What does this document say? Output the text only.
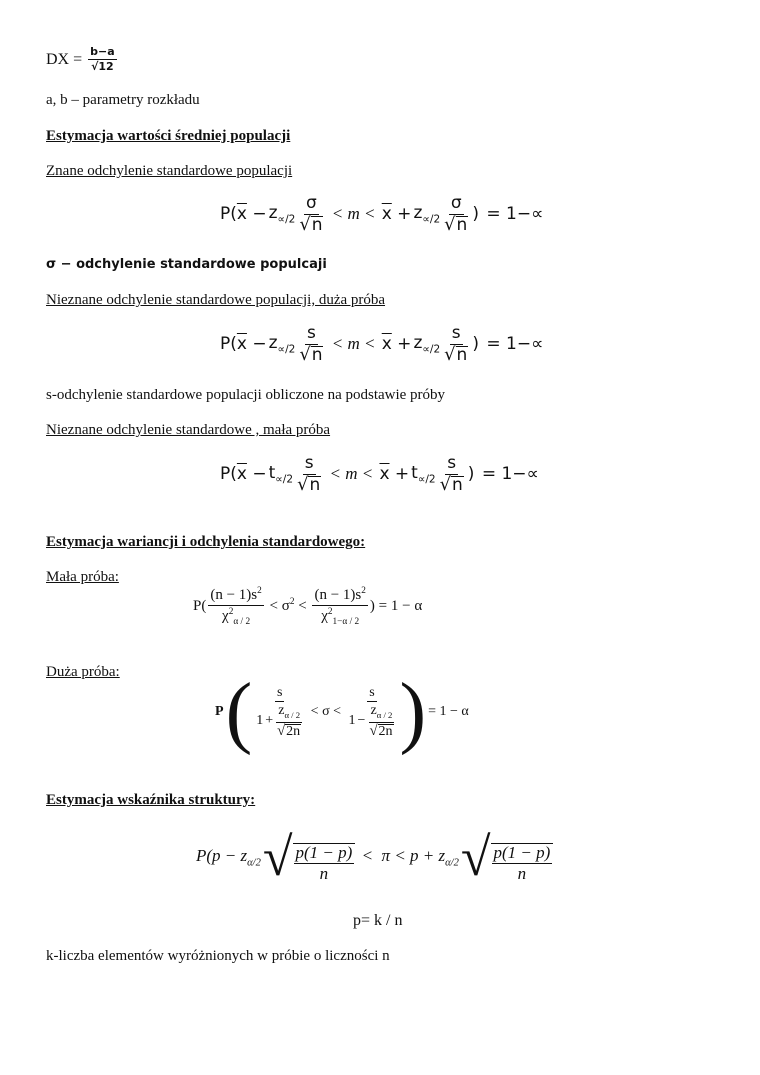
DX = $\frac{b-a}{√12}$
a, b – parametry rozkładu
Estymacja wartości średniej populacji
Znane odchylenie standardowe populacji
$P(\overline{x} - z_{\propto/2} \frac{\sigma}{√ n} < m < \overline{x} + z_{\propto/2} \frac{\sigma}{√ n}$ ) = 1−∝
σ − odchylenie standardowe populcaji
Nieznane odchylenie standardowe populacji, duża próba
$P(\overline{x} - z_{\propto/2} \frac{s}{√ n} < m < \overline{x} + z_{\propto/2} \frac{s}{√ n}$ ) = 1−∝
s-odchylenie standardowe populacji obliczone na podstawie próby
Nieznane odchylenie standardowe , mała próba
$P(\overline{x} - t_{\propto/2} \frac{s}{√ n} < m < \overline{x} + t_{\propto/2} \frac{s}{√ n}$ ) = 1−∝
Estymacja wariancji i odchylenia standardowego:
Mała próba:
$P( \frac{(n - 1)s^2}{\chi^2_{\alpha / 2}} < \sigma^2 < \frac{(n - 1)s^2}{\chi^2_{1-\alpha / 2}}$ ) = 1 − α
Duża próba:
P ( $\frac{s}{1 + \frac{z_{\alpha / 2}}{√ 2n}} < \sigma < \frac{s}{1 - \frac{z_{\alpha / 2}}{√ 2n}}$ ) = 1 − α
Estymacja wskaźnika struktury:
$P(p - z_{\alpha/2}$ √ $\frac{p(1 - p)}{n} < \pi < p + z_{\alpha/2}$ √ $\frac{p(1 - p)}{n}$
p= k / n
k-liczba elementów wyróżnionych w próbie o liczności n
